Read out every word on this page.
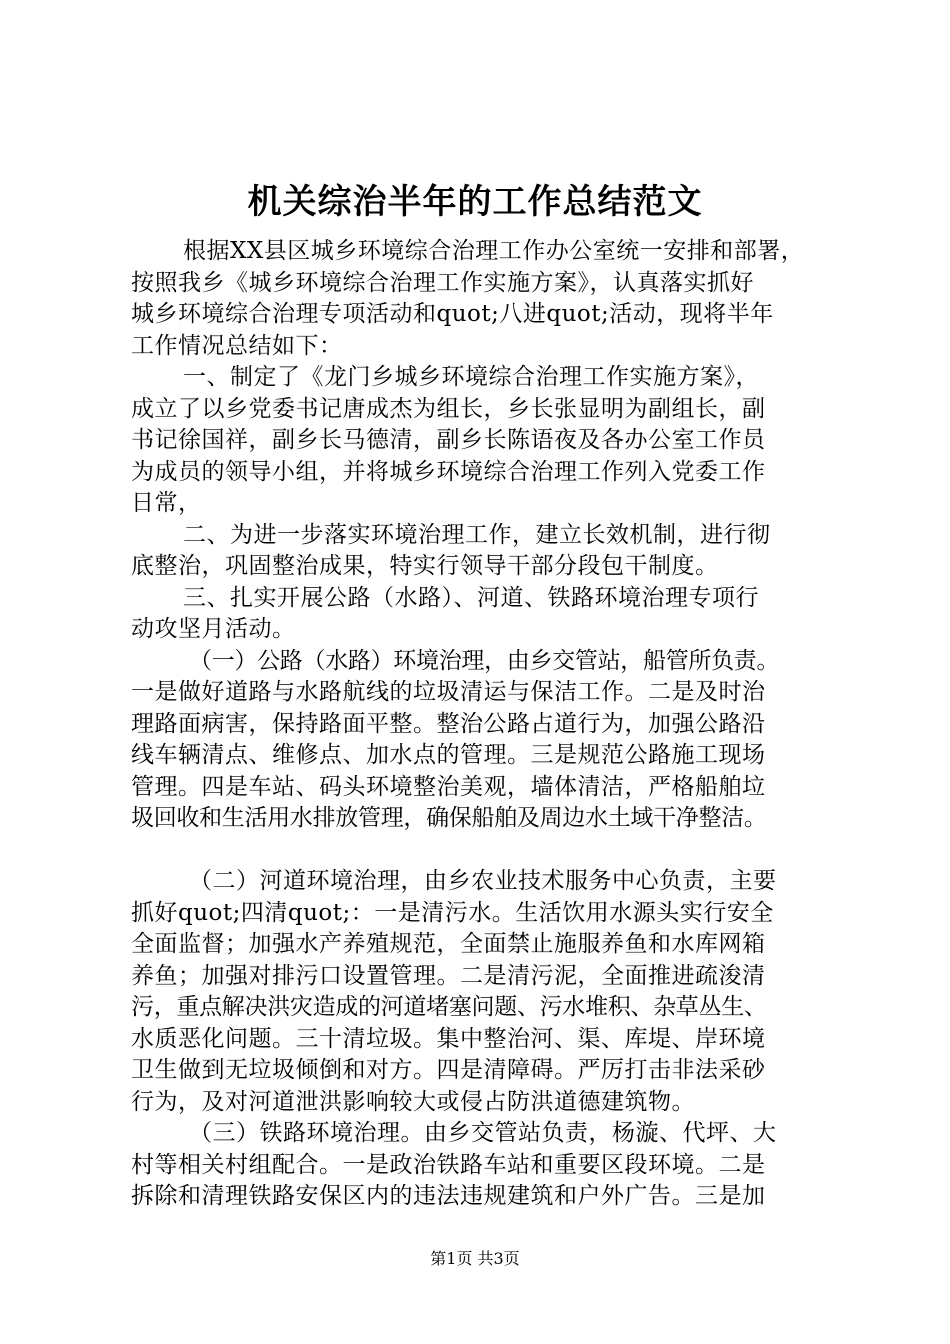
机关综治半年的工作总结范文
根据XX县区城乡环境综合治理工作办公室统一安排和部署，
按照我乡《城乡环境综合治理工作实施方案》，认真落实抓好
城乡环境综合治理专项活动和quot;八进quot;活动，现将半年
工作情况总结如下：
一、制定了《龙门乡城乡环境综合治理工作实施方案》，
成立了以乡党委书记唐成杰为组长，乡长张显明为副组长，副
书记徐国祥，副乡长马德清，副乡长陈语夜及各办公室工作员
为成员的领导小组，并将城乡环境综合治理工作列入党委工作
日常，
二、为进一步落实环境治理工作，建立长效机制，进行彻
底整治，巩固整治成果，特实行领导干部分段包干制度。
三、扎实开展公路（水路）、河道、铁路环境治理专项行
动攻坚月活动。
（一）公路（水路）环境治理，由乡交管站，船管所负责。
一是做好道路与水路航线的垃圾清运与保洁工作。二是及时治
理路面病害，保持路面平整。整治公路占道行为，加强公路沿
线车辆清点、维修点、加水点的管理。三是规范公路施工现场
管理。四是车站、码头环境整治美观，墙体清洁，严格船舶垃
圾回收和生活用水排放管理，确保船舶及周边水土域干净整洁。
（二）河道环境治理，由乡农业技术服务中心负责，主要
抓好quot;四清quot;：一是清污水。生活饮用水源头实行安全
全面监督；加强水产养殖规范，全面禁止施服养鱼和水库网箱
养鱼；加强对排污口设置管理。二是清污泥，全面推进疏浚清
污，重点解决洪灾造成的河道堵塞问题、污水堆积、杂草丛生、
水质恶化问题。三十清垃圾。集中整治河、渠、库堤、岸环境
卫生做到无垃圾倾倒和对方。四是清障碍。严厉打击非法采砂
行为，及对河道泄洪影响较大或侵占防洪道德建筑物。
（三）铁路环境治理。由乡交管站负责，杨漩、代坪、大
村等相关村组配合。一是政治铁路车站和重要区段环境。二是
拆除和清理铁路安保区内的违法违规建筑和户外广告。三是加
第1页 共3页
